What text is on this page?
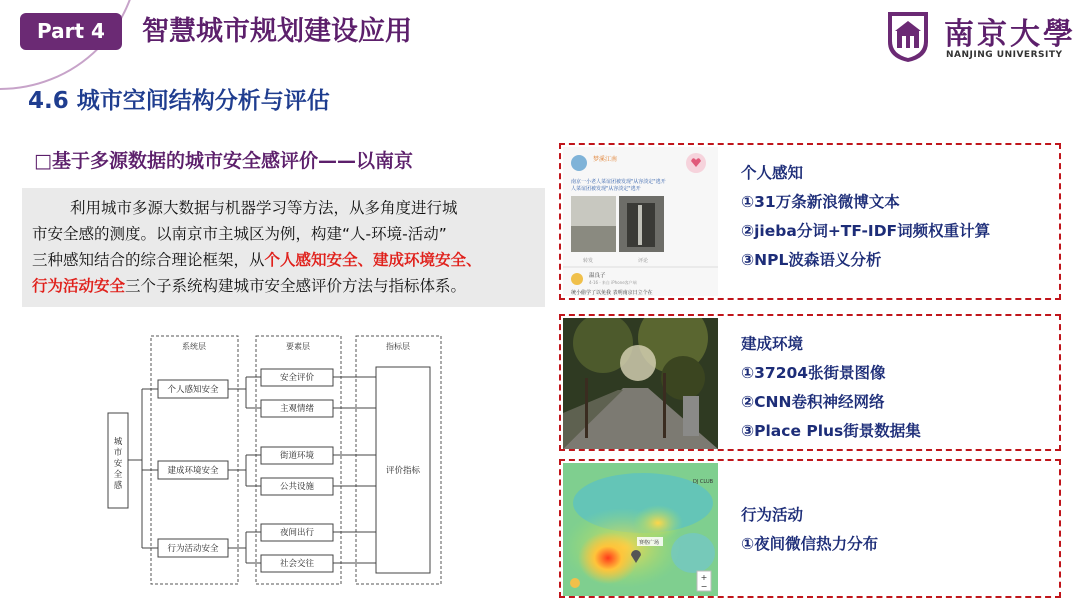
Part 4	智慧城市规划建设应用	南京大學
NANJING UNIVERSITY
4.6 城市空间结构分析与评估
□基于多源数据的城市安全感评价——以南京
利用城市多源大数据与机器学习等方法，从多角度进行城
市安全感的测度。以南京市主城区为例，构建“人-环境-活动”
三种感知结合的综合理论框架，从个人感知安全、建成环境安全、
行为活动安全三个子系统构建城市安全感评价方法与指标体系。
系统层	要素层	指标层
城
市
安
全
感
个人感知安全
建成环境安全
行为活动安全
安全评价
主观情绪
街道环境
公共设施
夜间出行
社会交往
评价指标
梦溪江南
南京一小老人菜谊团被发现"从容淡定"逃开
人菜谊团被发现"从容淡定"逃开
转发	评论
温良子
4-16 · 来自 iPhone客户端
统小偷学了以免我 表明南京日立个在
个人感知
①31万条新浪微博文本
②jieba分词+TF-IDF词频权重计算
③NPL波森语义分析
建成环境
①37204张街景图像
②CNN卷积神经网络
③Place Plus街景数据集
DJ CLUB
赛格广场
+
−
行为活动
①夜间微信热力分布
